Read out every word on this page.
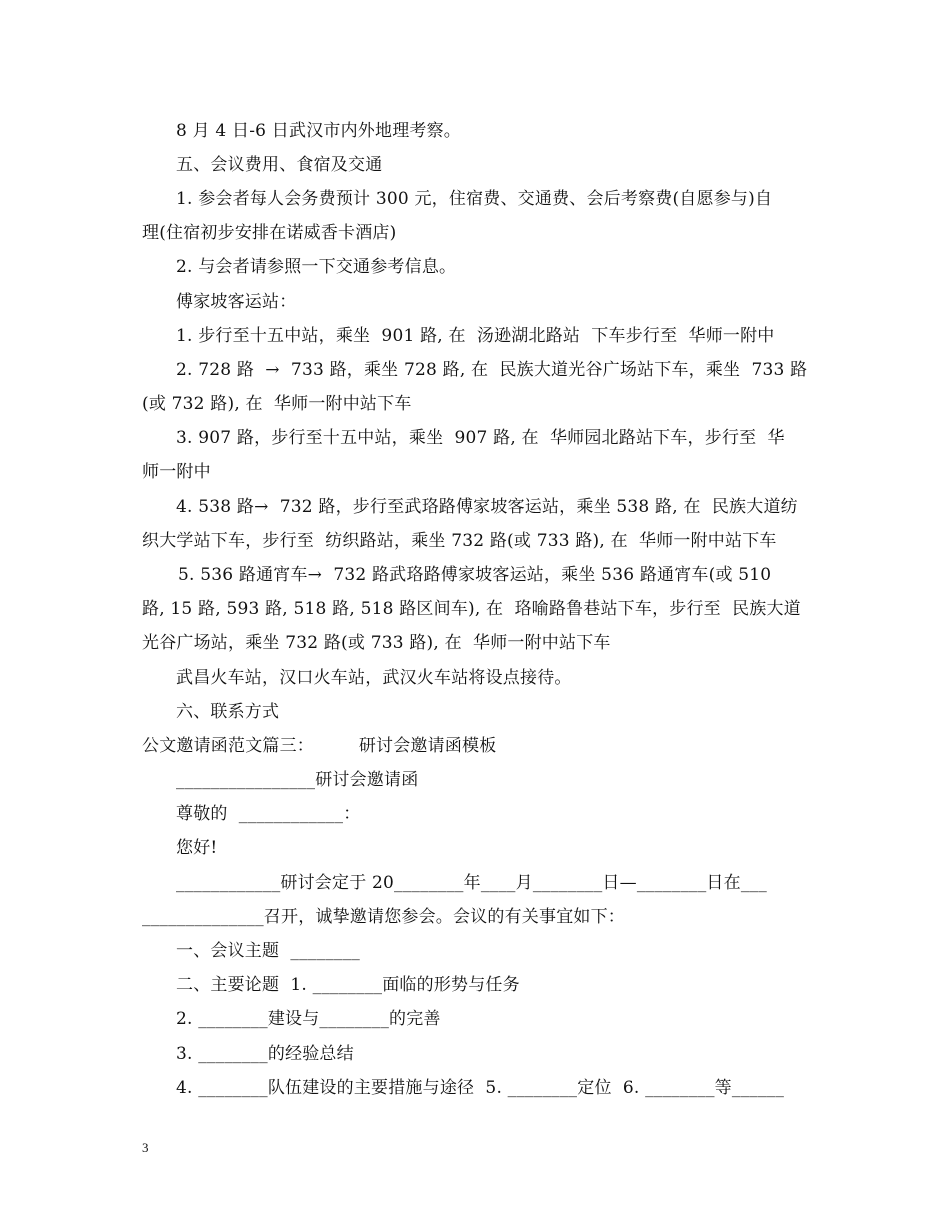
8 月 4 日-6 日武汉市内外地理考察。
五、会议费用、食宿及交通
1. 参会者每人会务费预计 300 元，住宿费、交通费、会后考察费(自愿参与)自
理(住宿初步安排在诺威香卡酒店)
2. 与会者请参照一下交通参考信息。
傅家坡客运站：
1. 步行至十五中站，乘坐  901 路, 在  汤逊湖北路站  下车步行至  华师一附中
2. 728 路  →  733 路，乘坐 728 路, 在  民族大道光谷广场站下车，乘坐  733 路
(或 732 路), 在  华师一附中站下车
3. 907 路，步行至十五中站，乘坐  907 路, 在  华师园北路站下车，步行至  华
师一附中
4. 538 路→  732 路，步行至武珞路傅家坡客运站，乘坐 538 路, 在  民族大道纺
织大学站下车，步行至  纺织路站，乘坐 732 路(或 733 路), 在  华师一附中站下车
5. 536 路通宵车→  732 路武珞路傅家坡客运站，乘坐 536 路通宵车(或 510
路, 15 路, 593 路, 518 路, 518 路区间车), 在  珞喻路鲁巷站下车，步行至  民族大道
光谷广场站，乘坐 732 路(或 733 路), 在  华师一附中站下车
武昌火车站，汉口火车站，武汉火车站将设点接待。
六、联系方式
公文邀请函范文篇三：        研讨会邀请函模板
________________研讨会邀请函
尊敬的  ____________：
您好!
____________研讨会定于 20________年____月________日—________日在___
______________召开，诚挚邀请您参会。会议的有关事宜如下：
一、会议主题  ________
二、主要论题  1. ________面临的形势与任务
2. ________建设与________的完善
3. ________的经验总结
4. ________队伍建设的主要措施与途径  5. ________定位  6. ________等______
3
